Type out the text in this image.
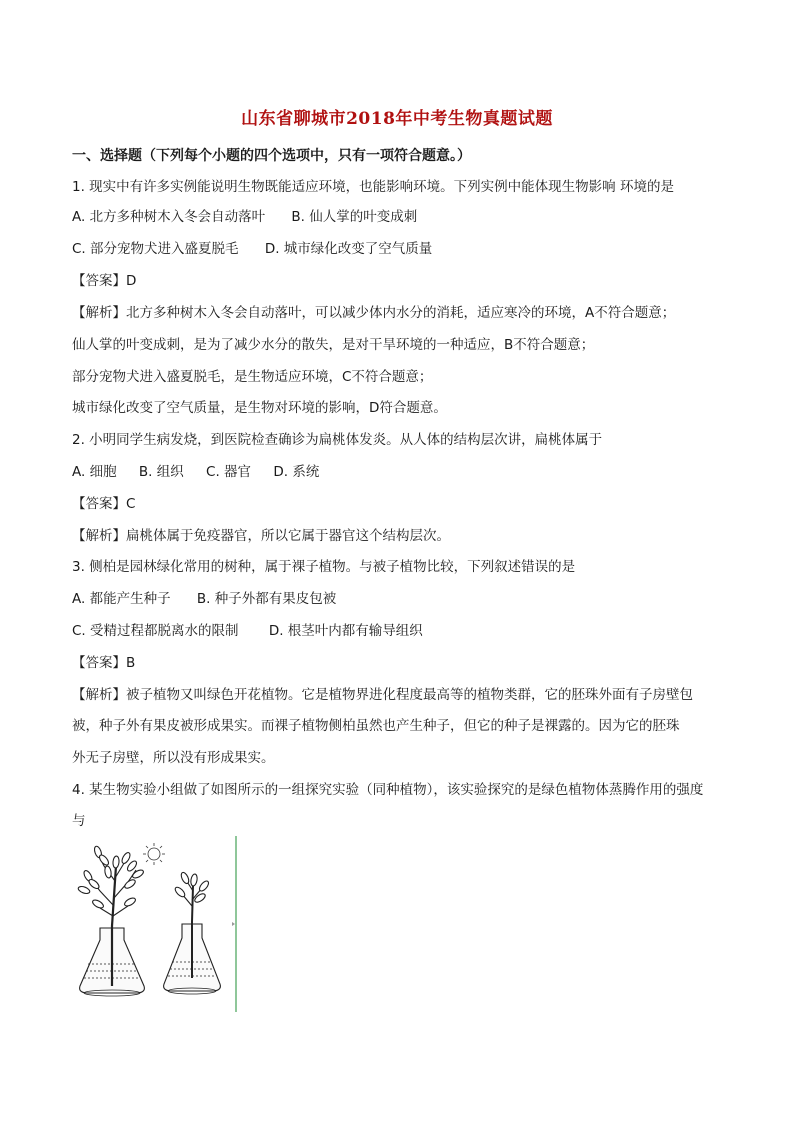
山东省聊城市2018年中考生物真题试题
一、选择题（下列每个小题的四个选项中，只有一项符合题意。）
1. 现实中有许多实例能说明生物既能适应环境，也能影响环境。下列实例中能体现生物影响 环境的是
A. 北方多种树木入冬会自动落叶 B. 仙人掌的叶变成刺
C. 部分宠物犬进入盛夏脱毛 D. 城市绿化改变了空气质量
【答案】D
【解析】北方多种树木入冬会自动落叶，可以减少体内水分的消耗，适应寒冷的环境，A不符合题意；
仙人掌的叶变成刺，是为了减少水分的散失，是对干旱环境的一种适应，B不符合题意；
部分宠物犬进入盛夏脱毛，是生物适应环境，C不符合题意；
城市绿化改变了空气质量，是生物对环境的影响，D符合题意。
2. 小明同学生病发烧，到医院检查确诊为扁桃体发炎。从人体的结构层次讲，扁桃体属于
A. 细胞 B. 组织 C. 器官 D. 系统
【答案】C
【解析】扁桃体属于免疫器官，所以它属于器官这个结构层次。
3. 侧柏是园林绿化常用的树种，属于裸子植物。与被子植物比较，下列叙述错误的是
A. 都能产生种子 B. 种子外都有果皮包被
C. 受精过程都脱离水的限制 D. 根茎叶内都有输导组织
【答案】B
【解析】被子植物又叫绿色开花植物。它是植物界进化程度最高等的植物类群，它的胚珠外面有子房壁包
被，种子外有果皮被形成果实。而裸子植物侧柏虽然也产生种子，但它的种子是裸露的。因为它的胚珠
外无子房壁，所以没有形成果实。
4. 某生物实验小组做了如图所示的一组探究实验（同种植物），该实验探究的是绿色植物体蒸腾作用的强度
与
